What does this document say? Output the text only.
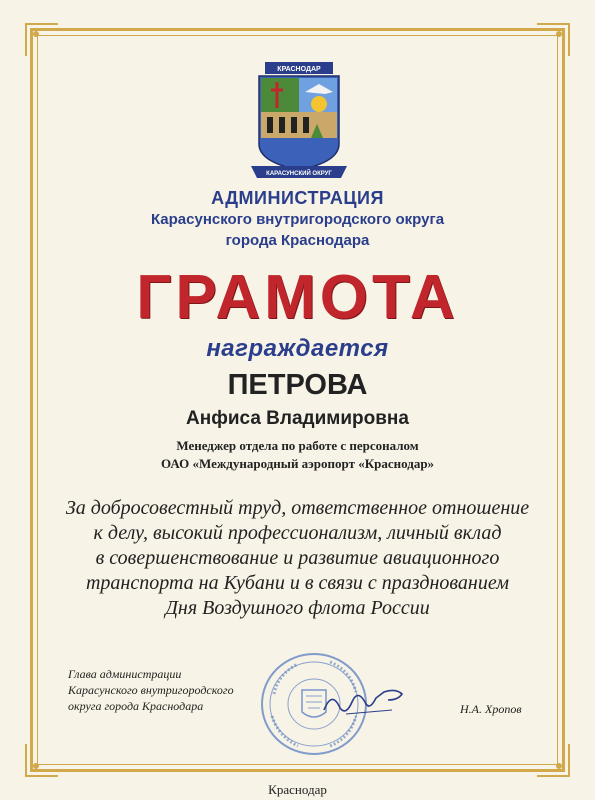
КРАСНОДАР
КАРАСУНСКИЙ ОКРУГ
АДМИНИСТРАЦИЯ
Карасунского внутригородского округа
города Краснодара
ГРАМОТА
награждается
ПЕТРОВА
Анфиса Владимировна
Менеджер отдела по работе с персоналом
ОАО «Международный аэропорт «Краснодар»
За добросовестный труд, ответственное отношение
к делу, высокий профессионализм, личный вклад
в совершенствование и развитие авиационного
транспорта на Кубани и в связи с празднованием
Дня Воздушного флота России
Глава администрации
Карасунского внутригородского
округа города Краснодара	Н.А. Хропов
Краснодар
